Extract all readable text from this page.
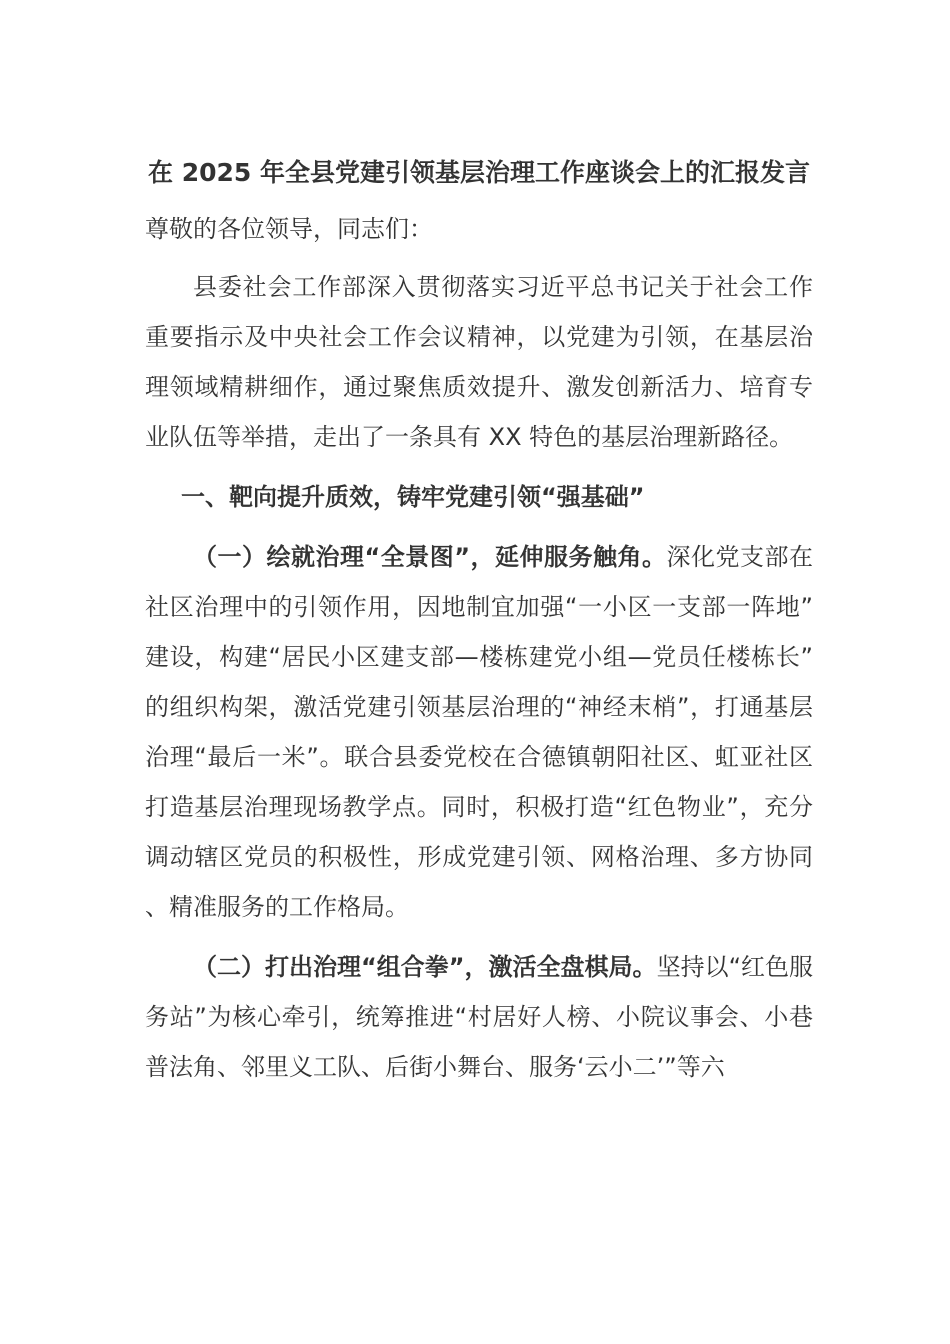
在 2025 年全县党建引领基层治理工作座谈会上的汇报发言
尊敬的各位领导，同志们：
县委社会工作部深入贯彻落实习近平总书记关于社会工作重要指示及中央社会工作会议精神，以党建为引领，在基层治理领域精耕细作，通过聚焦质效提升、激发创新活力、培育专业队伍等举措，走出了一条具有 XX 特色的基层治理新路径。
一、靶向提升质效，铸牢党建引领“强基础”
（一）绘就治理“全景图”，延伸服务触角。深化党支部在社区治理中的引领作用，因地制宜加强“一小区一支部一阵地”建设，构建“居民小区建支部—楼栋建党小组—党员任楼栋长”的组织构架，激活党建引领基层治理的“神经末梢”，打通基层治理“最后一米”。联合县委党校在合德镇朝阳社区、虹亚社区打造基层治理现场教学点。同时，积极打造“红色物业”，充分调动辖区党员的积极性，形成党建引领、网格治理、多方协同、精准服务的工作格局。
（二）打出治理“组合拳”，激活全盘棋局。坚持以“红色服务站”为核心牵引，统筹推进“村居好人榜、小院议事会、小巷普法角、邻里义工队、后街小舞台、服务‘云小二’”等六
